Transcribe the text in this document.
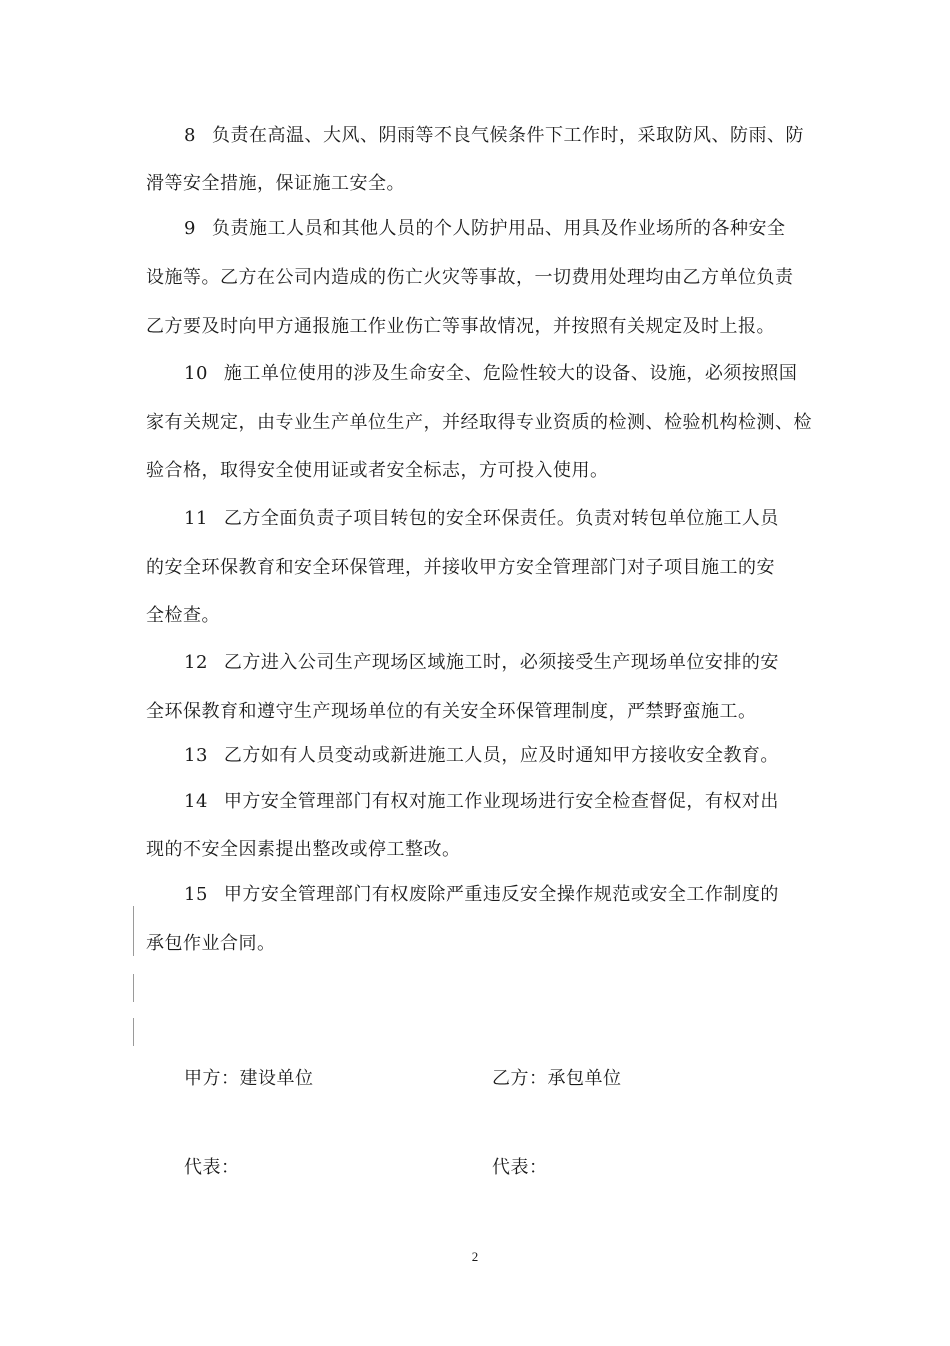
8 负责在高温、大风、阴雨等不良气候条件下工作时，采取防风、防雨、防
滑等安全措施，保证施工安全。
9 负责施工人员和其他人员的个人防护用品、用具及作业场所的各种安全
设施等。乙方在公司内造成的伤亡火灾等事故，一切费用处理均由乙方单位负责
乙方要及时向甲方通报施工作业伤亡等事故情况，并按照有关规定及时上报。
10 施工单位使用的涉及生命安全、危险性较大的设备、设施，必须按照国
家有关规定，由专业生产单位生产，并经取得专业资质的检测、检验机构检测、检
验合格，取得安全使用证或者安全标志，方可投入使用。
11 乙方全面负责子项目转包的安全环保责任。负责对转包单位施工人员
的安全环保教育和安全环保管理，并接收甲方安全管理部门对子项目施工的安
全检查。
12 乙方进入公司生产现场区域施工时，必须接受生产现场单位安排的安
全环保教育和遵守生产现场单位的有关安全环保管理制度，严禁野蛮施工。
13 乙方如有人员变动或新进施工人员，应及时通知甲方接收安全教育。
14 甲方安全管理部门有权对施工作业现场进行安全检查督促，有权对出
现的不安全因素提出整改或停工整改。
15 甲方安全管理部门有权废除严重违反安全操作规范或安全工作制度的
承包作业合同。
甲方：建设单位	乙方：承包单位
代表：	代表：
2
